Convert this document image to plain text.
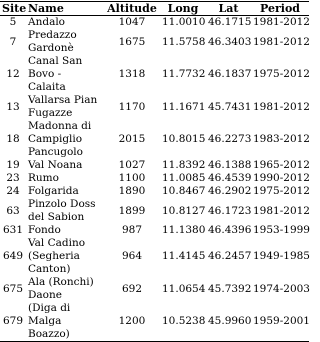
Site	Name	Altitude	Long	Lat	Period
5	Andalo	1047	11.0010	46.1715	1981-2012
7	Predazzo Gardonè	1675	11.5758	46.3403	1981-2012
12	Canal San Bovo - Calaita	1318	11.7732	46.1837	1975-2012
13	Vallarsa Pian Fugazze	1170	11.1671	45.7431	1981-2012
18	Madonna di Campiglio Pancugolo	2015	10.8015	46.2273	1983-2012
19	Val Noana	1027	11.8392	46.1388	1965-2012
23	Rumo	1100	11.0085	46.4539	1990-2012
24	Folgarida	1890	10.8467	46.2902	1975-2012
63	Pinzolo Doss del Sabion	1899	10.8127	46.1723	1981-2012
631	Fondo	987	11.1380	46.4396	1953-1999
649	Val Cadino (Segheria Canton)	964	11.4145	46.2457	1949-1985
675	Ala (Ronchi) Daone	692	11.0654	45.7392	1974-2003
679	(Diga di Malga Boazzo)	1200	10.5238	45.9960	1959-2001
